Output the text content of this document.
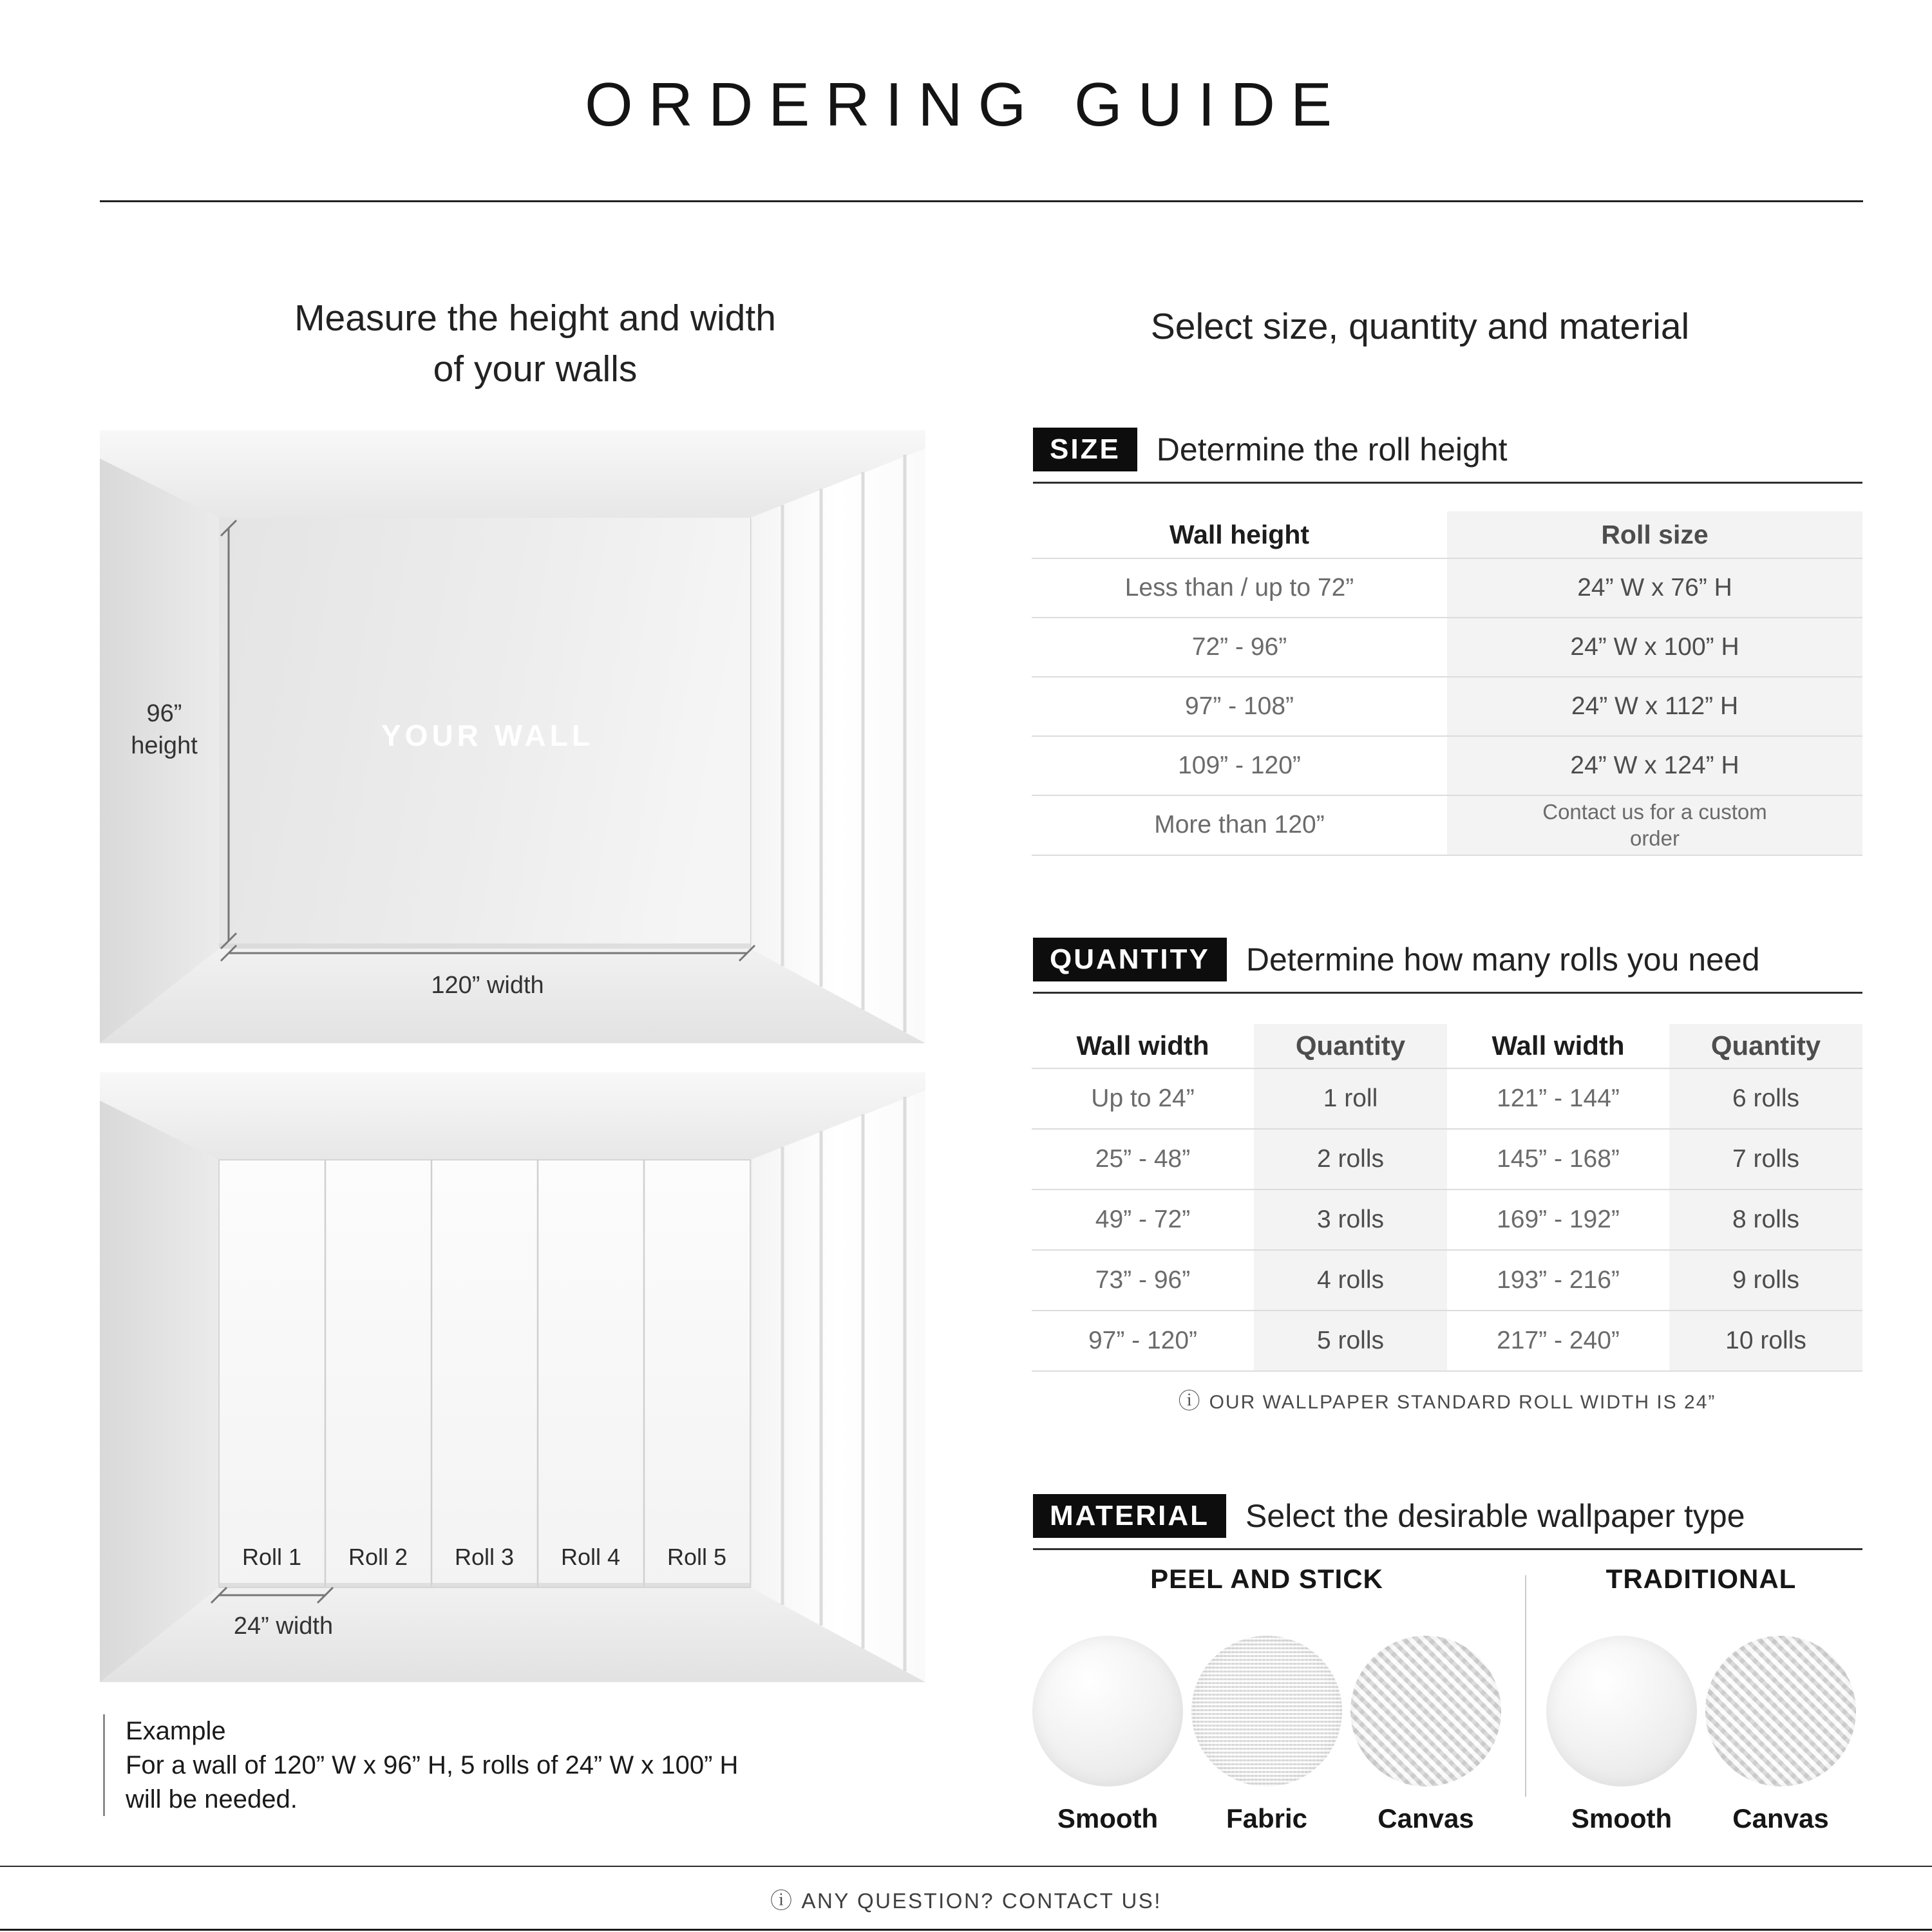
ORDERING GUIDE
Measure the height and width
of your walls
Select size, quantity and material
YOUR WALL
96”
height
120” width
Roll 1 Roll 2 Roll 3 Roll 4 Roll 5
24” width
Example
For a wall of 120” W x 96” H, 5 rolls of 24” W x 100” H
will be needed.
SIZE	Determine the roll height
Wall height	Roll size
Less than / up to 72”	24” W x 76” H
72” - 96”	24” W x 100” H
97” - 108”	24” W x 112” H
109” - 120”	24” W x 124” H
More than 120”	Contact us for a custom order
QUANTITY	Determine how many rolls you need
Wall width	Quantity	Wall width	Quantity
Up to 24”	1 roll	121” - 144”	6 rolls
25” - 48”	2 rolls	145” - 168”	7 rolls
49” - 72”	3 rolls	169” - 192”	8 rolls
73” - 96”	4 rolls	193” - 216”	9 rolls
97” - 120”	5 rolls	217” - 240”	10 rolls
ⓘ OUR WALLPAPER STANDARD ROLL WIDTH IS 24”
MATERIAL	Select the desirable wallpaper type
PEEL AND STICK
Smooth	Fabric	Canvas
TRADITIONAL
Smooth Canvas
ⓘ ANY QUESTION? CONTACT US!
